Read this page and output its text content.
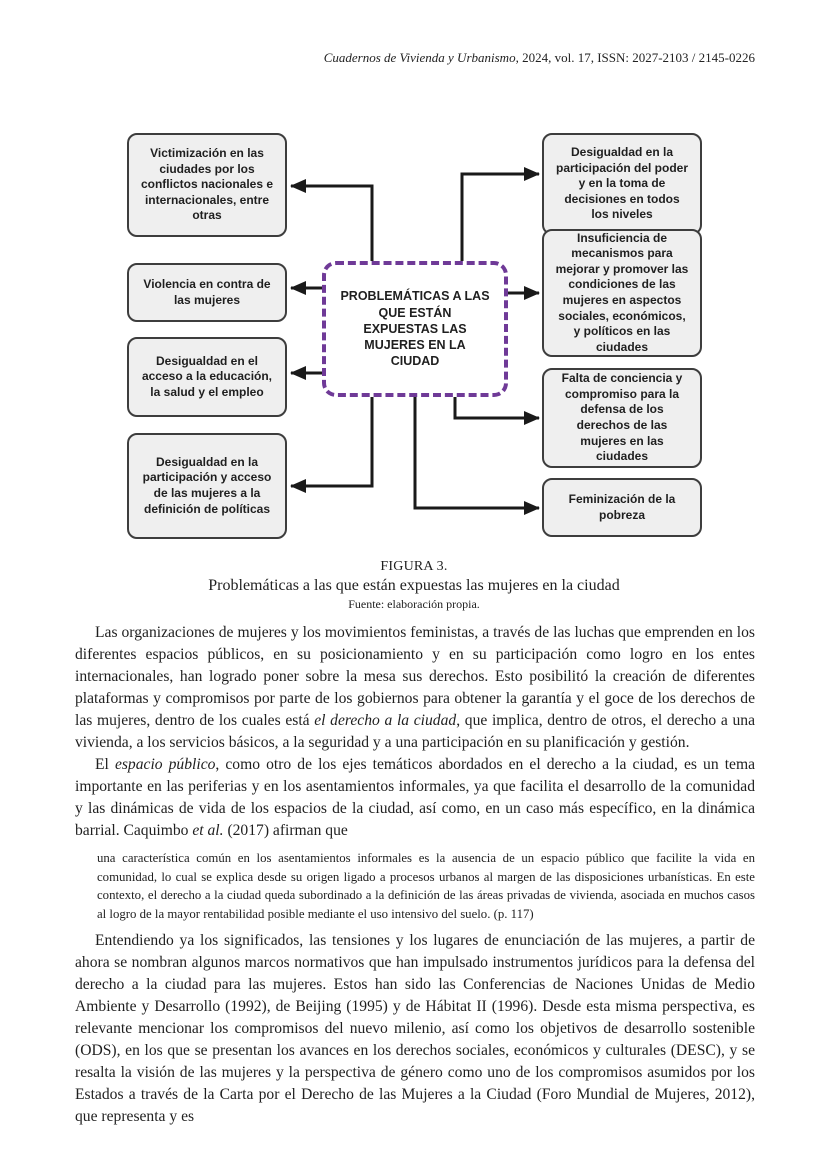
Cuadernos de Vivienda y Urbanismo, 2024, vol. 17, ISSN: 2027-2103 / 2145-0226
Victimización en las ciudades por los conflictos nacionales e internacionales, entre otras
Violencia en contra de las mujeres
Desigualdad en el acceso a la educación, la salud y el empleo
Desigualdad en la participación y acceso de las mujeres a la definición de políticas
PROBLEMÁTICAS A LAS QUE ESTÁN EXPUESTAS LAS MUJERES EN LA CIUDAD
Desigualdad en la participación del poder y en la toma de decisiones en todos los niveles
Insuficiencia de mecanismos para mejorar y promover las condiciones de las mujeres en aspectos sociales, económicos, y políticos en las ciudades
Falta de conciencia y compromiso para la defensa de los derechos de las mujeres en las ciudades
Feminización de la pobreza
FIGURA 3.
Problemáticas a las que están expuestas las mujeres en la ciudad
Fuente: elaboración propia.

Las organizaciones de mujeres y los movimientos feministas, a través de las luchas que emprenden en los diferentes espacios públicos, en su posicionamiento y en su participación como logro en los entes internacionales, han logrado poner sobre la mesa sus derechos. Esto posibilitó la creación de diferentes plataformas y compromisos por parte de los gobiernos para obtener la garantía y el goce de los derechos de las mujeres, dentro de los cuales está el derecho a la ciudad, que implica, dentro de otros, el derecho a una vivienda, a los servicios básicos, a la seguridad y a una participación en su planificación y gestión.

El espacio público, como otro de los ejes temáticos abordados en el derecho a la ciudad, es un tema importante en las periferias y en los asentamientos informales, ya que facilita el desarrollo de la comunidad y las dinámicas de vida de los espacios de la ciudad, así como, en un caso más específico, en la dinámica barrial. Caquimbo et al. (2017) afirman que

una característica común en los asentamientos informales es la ausencia de un espacio público que facilite la vida en comunidad, lo cual se explica desde su origen ligado a procesos urbanos al margen de las disposiciones urbanísticas. En este contexto, el derecho a la ciudad queda subordinado a la definición de las áreas privadas de vivienda, asociada en muchos casos al logro de la mayor rentabilidad posible mediante el uso intensivo del suelo. (p. 117)

Entendiendo ya los significados, las tensiones y los lugares de enunciación de las mujeres, a partir de ahora se nombran algunos marcos normativos que han impulsado instrumentos jurídicos para la defensa del derecho a la ciudad para las mujeres. Estos han sido las Conferencias de Naciones Unidas de Medio Ambiente y Desarrollo (1992), de Beijing (1995) y de Hábitat II (1996). Desde esta misma perspectiva, es relevante mencionar los compromisos del nuevo milenio, así como los objetivos de desarrollo sostenible (ODS), en los que se presentan los avances en los derechos sociales, económicos y culturales (DESC), y se resalta la visión de las mujeres y la perspectiva de género como uno de los compromisos asumidos por los Estados a través de la Carta por el Derecho de las Mujeres a la Ciudad (Foro Mundial de Mujeres, 2012), que representa y es
